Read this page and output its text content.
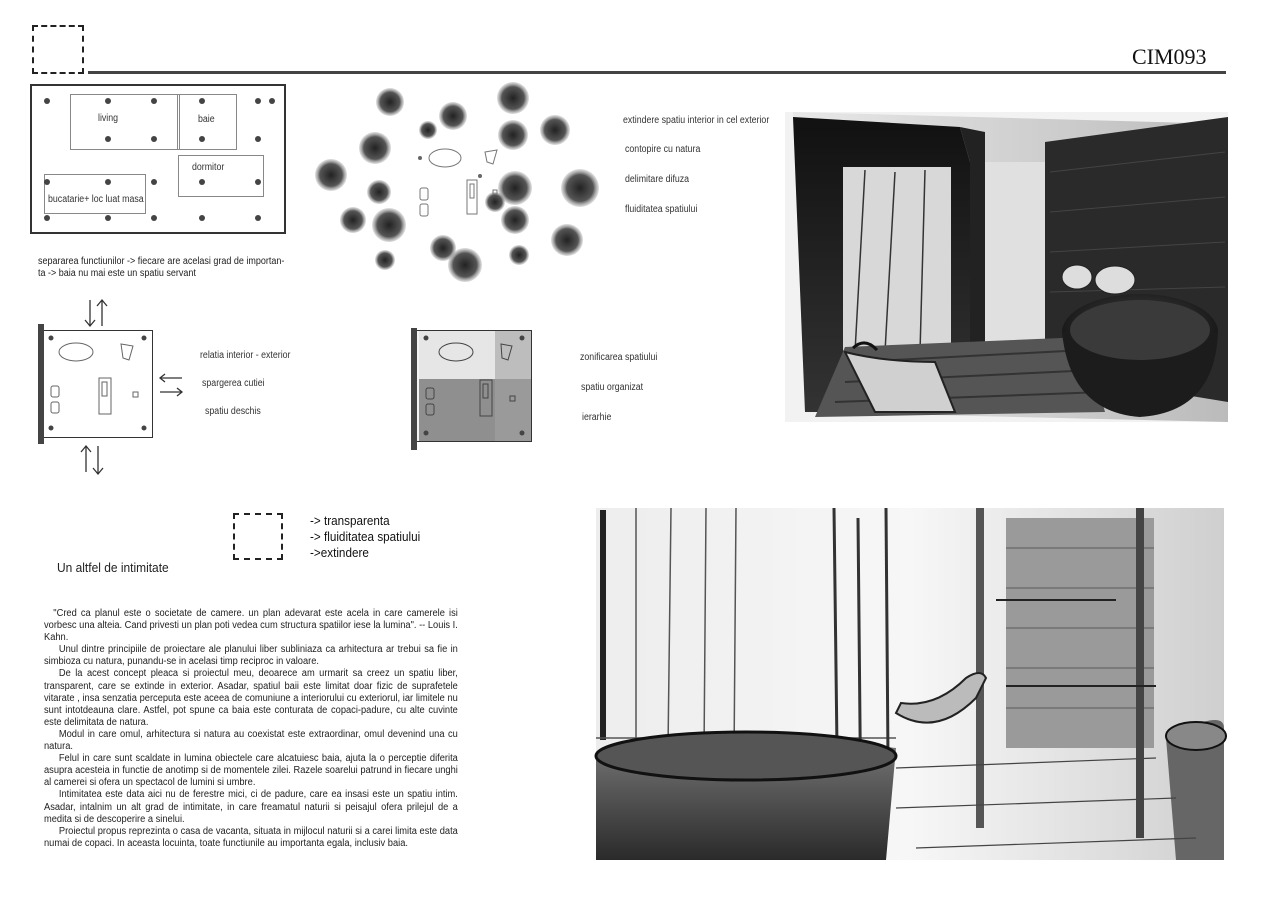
CIM093
living	baie
dormitor
bucatarie+ loc luat masa
separarea functiunilor -> fiecare are acelasi grad de importan-
ta -> baia nu mai este un spatiu servant
extindere spatiu interior in cel exterior
contopire cu natura
delimitare difuza
fluiditatea spatiului
relatia interior - exterior
spargerea cutiei
spatiu deschis
zonificarea spatiului
spatiu organizat
ierarhie
-> transparenta
-> fluiditatea spatiului
->extindere
Un altfel de intimitate

"Cred ca planul este o societate de camere. un plan adevarat este acela in care camerele isi vorbesc una alteia. Cand privesti un plan poti vedea cum structura spatiilor iese la lumina". -- Louis I. Kahn.

Unul dintre principiile de proiectare ale planului liber subliniaza ca arhitectura ar trebui sa fie in simbioza cu natura, punandu-se in acelasi timp reciproc in valoare.

De la acest concept pleaca si proiectul meu, deoarece am urmarit sa creez un spatiu liber, transparent, care se extinde in exterior. Asadar, spatiul baii este limitat doar fizic de suprafetele vitarate , insa senzatia perceputa este aceea de comuniune a interiorului cu exteriorul, iar limitele nu sunt intotdeauna clare. Astfel, pot spune ca baia este conturata de copaci-padure, cu alte cuvinte este delimitata de natura.

Modul in care omul, arhitectura si natura au coexistat este extraordinar, omul devenind una cu natura.

Felul in care sunt scaldate in lumina obiectele care alcatuiesc baia, ajuta la o perceptie diferita asupra acesteia in functie de anotimp si de momentele zilei. Razele soarelui patrund in fiecare unghi al camerei si ofera un spectacol de lumini si umbre.

Intimitatea este data aici nu de ferestre mici, ci de padure, care ea insasi este un spatiu intim. Asadar, intalnim un alt grad de intimitate, in care freamatul naturii si peisajul ofera prilejul de a medita si de descoperire a sinelui.

Proiectul propus reprezinta o casa de vacanta, situata in mijlocul naturii si a carei limita este data numai de copaci. In aceasta locuinta, toate functiunile au importanta egala, inclusiv baia.
